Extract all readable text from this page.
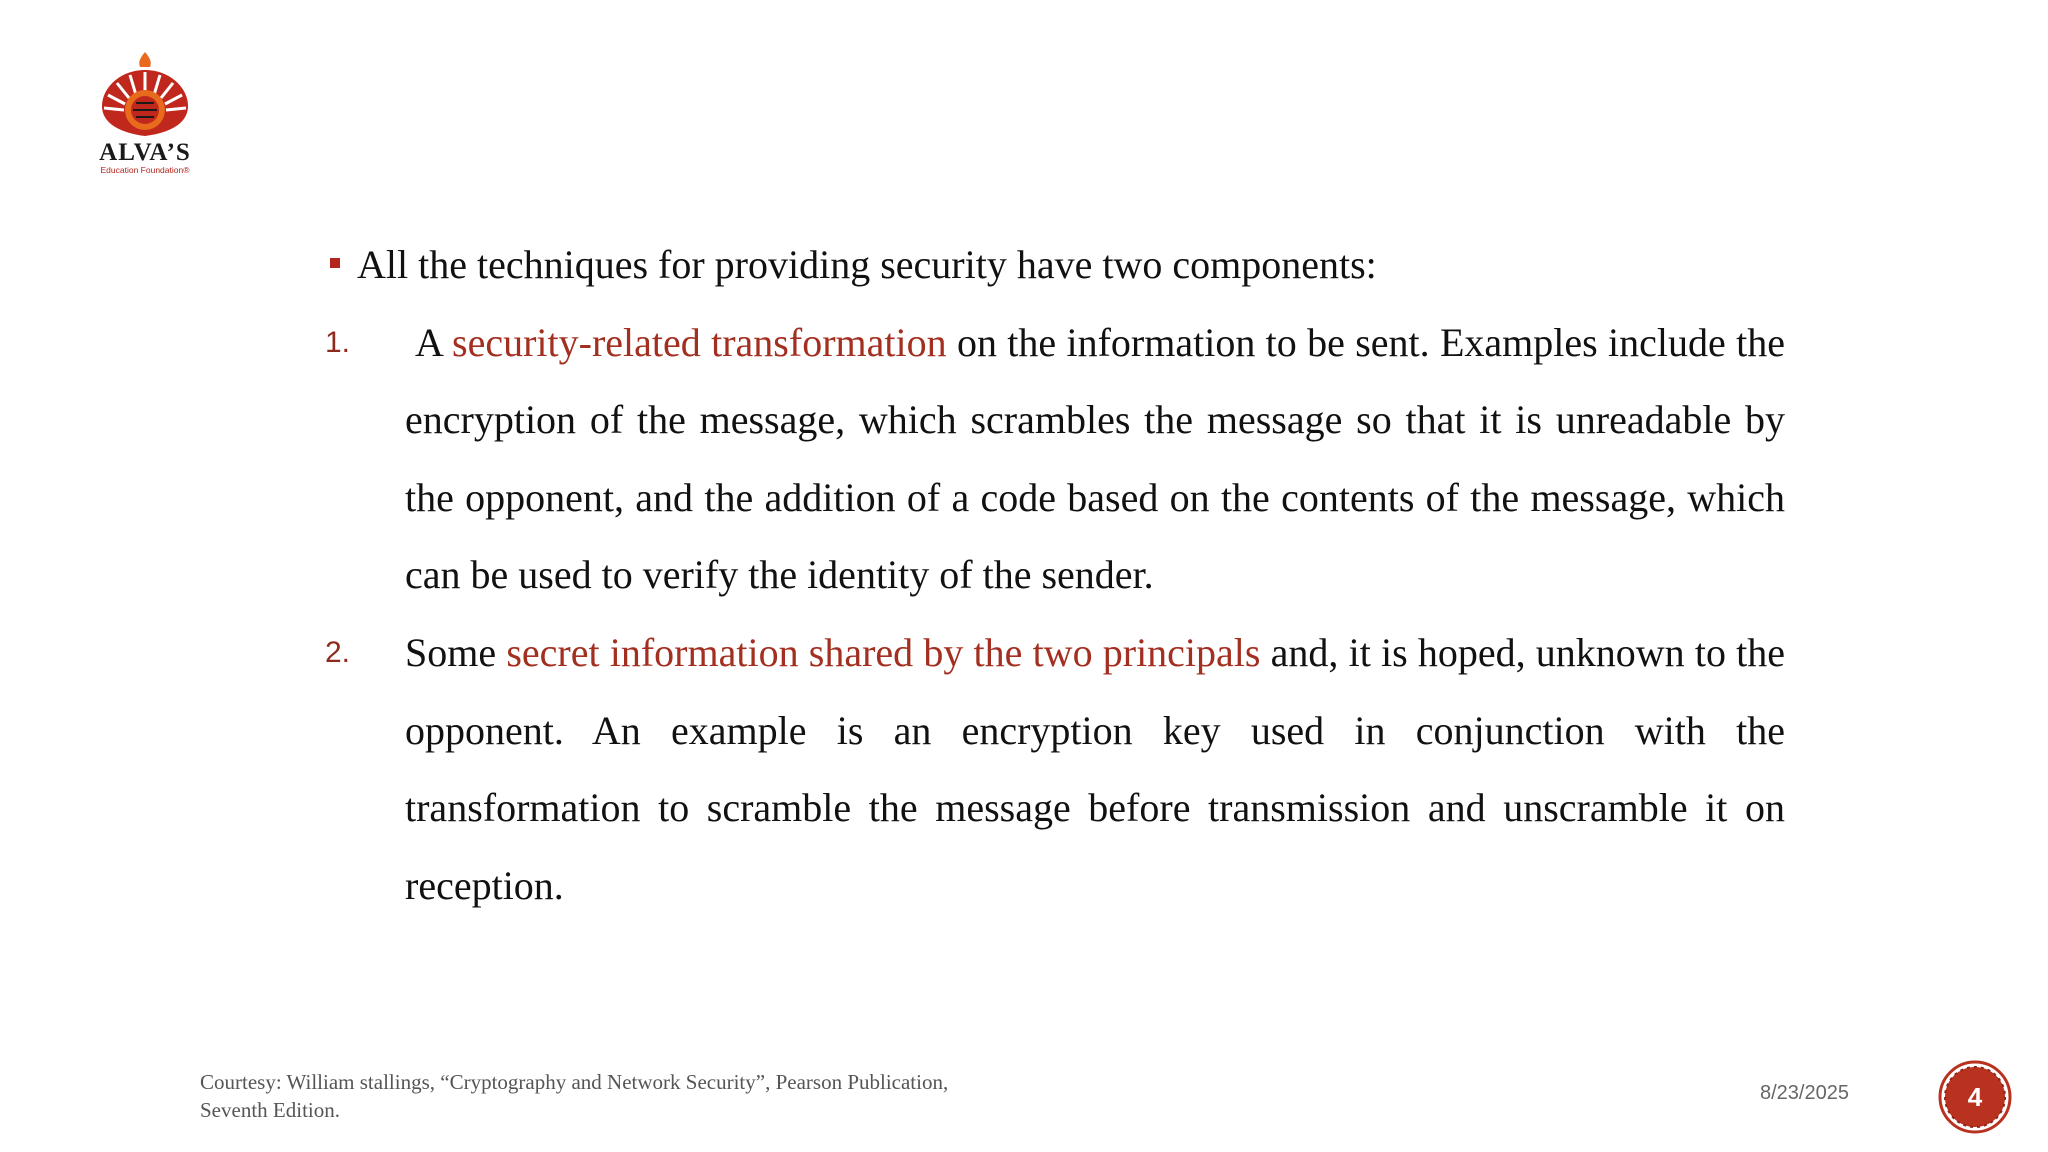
ALVA’S
Education Foundation®
All the techniques for providing security have two components:
1. A security-related transformation on the information to be sent. Examples include the encryption of the message, which scrambles the message so that it is unreadable by the opponent, and the addition of a code based on the contents of the message, which can be used to verify the identity of the sender.
2. Some secret information shared by the two principals and, it is hoped, unknown to the opponent. An example is an encryption key used in conjunction with the transformation to scramble the message before transmission and unscramble it on reception.
Courtesy: William stallings, “Cryptography and Network Security”, Pearson Publication,
Seventh Edition.
8/23/2025	4
